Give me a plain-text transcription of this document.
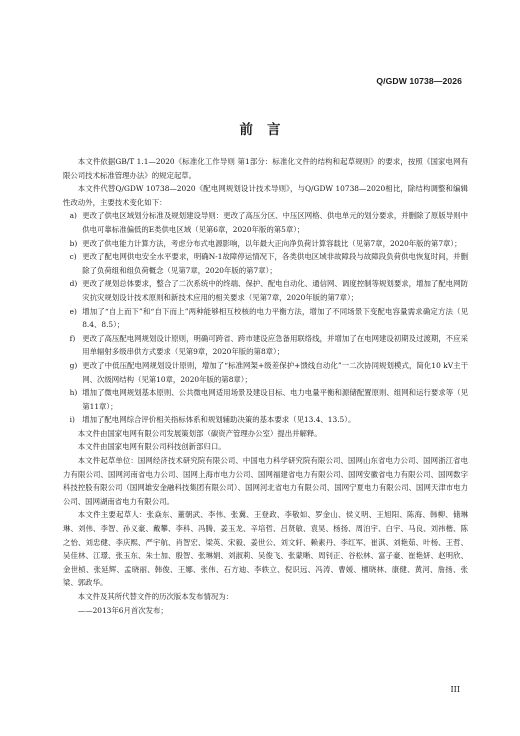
Q/GDW 10738—2026
前言

本文件依据GB/T 1.1—2020《标准化工作导则 第1部分：标准化文件的结构和起草规则》的要求，按照《国家电网有限公司技术标准管理办法》的规定起草。

本文件代替Q/GDW 10738—2020《配电网规划设计技术导则》，与Q/GDW 10738—2020相比，除结构调整和编辑性改动外，主要技术变化如下：

a) 更改了供电区域划分标准及规划建设导则：更改了高压分区、中压区网格、供电单元的划分要求，并删除了原版导则中供电可靠标准偏低的E类供电区域（见第6章，2020年版的第5章）；
b) 更改了供电能力计算方法，考虑分布式电源影响，以年最大正向净负荷计算容载比（见第7章，2020年版的第7章）；
c) 更改了配电网供电安全水平要求，明确N-1故障停运情况下，各类供电区域非故障段与故障段负荷供电恢复时间，并删除了负荷组和组负荷概念（见第7章，2020年版的第7章）；
d) 更改了规划总体要求，整合了二次系统中的终端、保护、配电自动化、通信网、调度控制等规划要求，增加了配电网防灾抗灾规划设计技术原则和新技术应用的相关要求（见第7章，2020年版的第7章）；
e) 增加了“自上而下”和“自下而上”两种能够相互校核的电力平衡方法，增加了不同场景下变配电容量需求确定方法（见8.4、8.5）；
f) 更改了高压配电网规划设计原则，明确可跨省、跨市建设应急备用联络线，并增加了在电网建设初期及过渡期，不应采用单辐射多级串供方式要求（见第9章，2020年版的第8章）；
g) 更改了中低压配电网规划设计原则，增加了“标准网架+级差保护+馈线自动化”一二次协同规划模式，简化10 kV主干网、次级网结构（见第10章，2020年版的第8章）；
h) 增加了微电网规划基本原则、公共微电网适用场景及建设目标、电力电量平衡和源储配置原则、组网和运行要求等（见第11章）；
i) 增加了配电网综合评价相关指标体系和规划辅助决策的基本要求（见13.4、13.5）。

本文件由国家电网有限公司发展策划部（碳资产管理办公室）提出并解释。

本文件由国家电网有限公司科技创新部归口。

本文件起草单位：国网经济技术研究院有限公司、中国电力科学研究院有限公司、国网山东省电力公司、国网浙江省电力有限公司、国网河南省电力公司、国网上海市电力公司、国网福建省电力有限公司、国网安徽省电力有限公司、国网数字科技控股有限公司（国网雄安金融科技集团有限公司）、国网河北省电力有限公司、国网宁夏电力有限公司、国网天津市电力公司、国网湖南省电力有限公司。

本文件主要起草人：张焱东、董朝武、李伟、张冀、王登政、李敬如、罗金山、侯义明、王旭阳、陈海、韩柳、储琳琳、刘伟、李智、孙义豪、戴攀、李科、冯腾、姜玉龙、辛培哲、吕贤敏、袁昊、杨扬、周泊宇、白宇、马良、刘祎楷、陈之怡、刘忠健、李庆熙、严宇航、肖智宏、梁英、宋毅、姜世公、刘文轩、赖素丹、李红军、崔淇、刘艳茹、叶杨、王哲、吴佳林、江璟、张玉东、朱士加、殷智、张琳娟、刘淑莉、吴俊飞、张蒙晰、周钊正、谷松林、富子豪、崔艳妍、赵明欣、金世桢、张延辉、孟晓丽、韩俊、王娜、张伟、石方迪、李轶立、倪识远、冯涛、曹媛、檀晓林、康健、黄河、詹扬、张梁、郭政华。

本文件及其所代替文件的历次版本发布情况为：

——2013年6月首次发布；

III
